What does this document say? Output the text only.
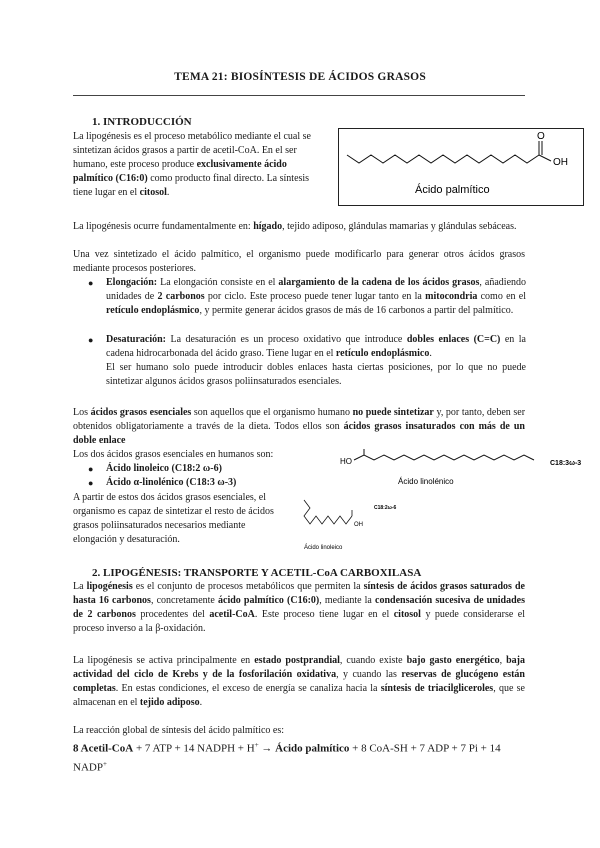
TEMA 21: BIOSÍNTESIS DE ÁCIDOS GRASOS
1. INTRODUCCIÓN
La lipogénesis es el proceso metabólico mediante el cual se
sintetizan ácidos grasos a partir de acetil-CoA. En el ser
humano, este proceso produce exclusivamente ácido
palmítico (C16:0) como producto final directo. La síntesis
tiene lugar en el citosol.
O
OH
Ácido palmítico
La lipogénesis ocurre fundamentalmente en: hígado, tejido adiposo, glándulas mamarias y glándulas sebáceas.
Una vez sintetizado el ácido palmítico, el organismo puede modificarlo para generar otros ácidos grasos mediante procesos posteriores.
● Elongación: La elongación consiste en el alargamiento de la cadena de los ácidos grasos, añadiendo unidades de 2 carbonos por ciclo. Este proceso puede tener lugar tanto en la mitocondria como en el retículo endoplásmico, y permite generar ácidos grasos de más de 16 carbonos a partir del palmítico.
● Desaturación: La desaturación es un proceso oxidativo que introduce dobles enlaces (C=C) en la cadena hidrocarbonada del ácido graso. Tiene lugar en el retículo endoplásmico.
El ser humano solo puede introducir dobles enlaces hasta ciertas posiciones, por lo que no puede sintetizar algunos ácidos grasos poliinsaturados esenciales.
Los ácidos grasos esenciales son aquellos que el organismo humano no puede sintetizar y, por tanto, deben ser obtenidos obligatoriamente a través de la dieta. Todos ellos son ácidos grasos insaturados con más de un doble enlace
Los dos ácidos grasos esenciales en humanos son:
● Ácido linoleico (C18:2 ω-6)
● Ácido α-linolénico (C18:3 ω-3)
A partir de estos dos ácidos grasos esenciales, el
organismo es capaz de sintetizar el resto de ácidos
grasos poliinsaturados necesarios mediante
elongación y desaturación.
HO
Ácido linolénico
C18:3ω-3
OH
C18:2ω-6
Ácido linoleico
2. LIPOGÉNESIS: TRANSPORTE Y ACETIL-CoA CARBOXILASA
La lipogénesis es el conjunto de procesos metabólicos que permiten la síntesis de ácidos grasos saturados de hasta 16 carbonos, concretamente ácido palmítico (C16:0), mediante la condensación sucesiva de unidades de 2 carbonos procedentes del acetil-CoA. Este proceso tiene lugar en el citosol y puede considerarse el proceso inverso a la β-oxidación.
La lipogénesis se activa principalmente en estado postprandial, cuando existe bajo gasto energético, baja actividad del ciclo de Krebs y de la fosforilación oxidativa, y cuando las reservas de glucógeno están completas. En estas condiciones, el exceso de energía se canaliza hacia la síntesis de triacilgliceroles, que se almacenan en el tejido adiposo.
La reacción global de síntesis del ácido palmítico es:
8 Acetil-CoA + 7 ATP + 14 NADPH + H+ → Ácido palmítico + 8 CoA-SH + 7 ADP + 7 Pi + 14
NADP+
